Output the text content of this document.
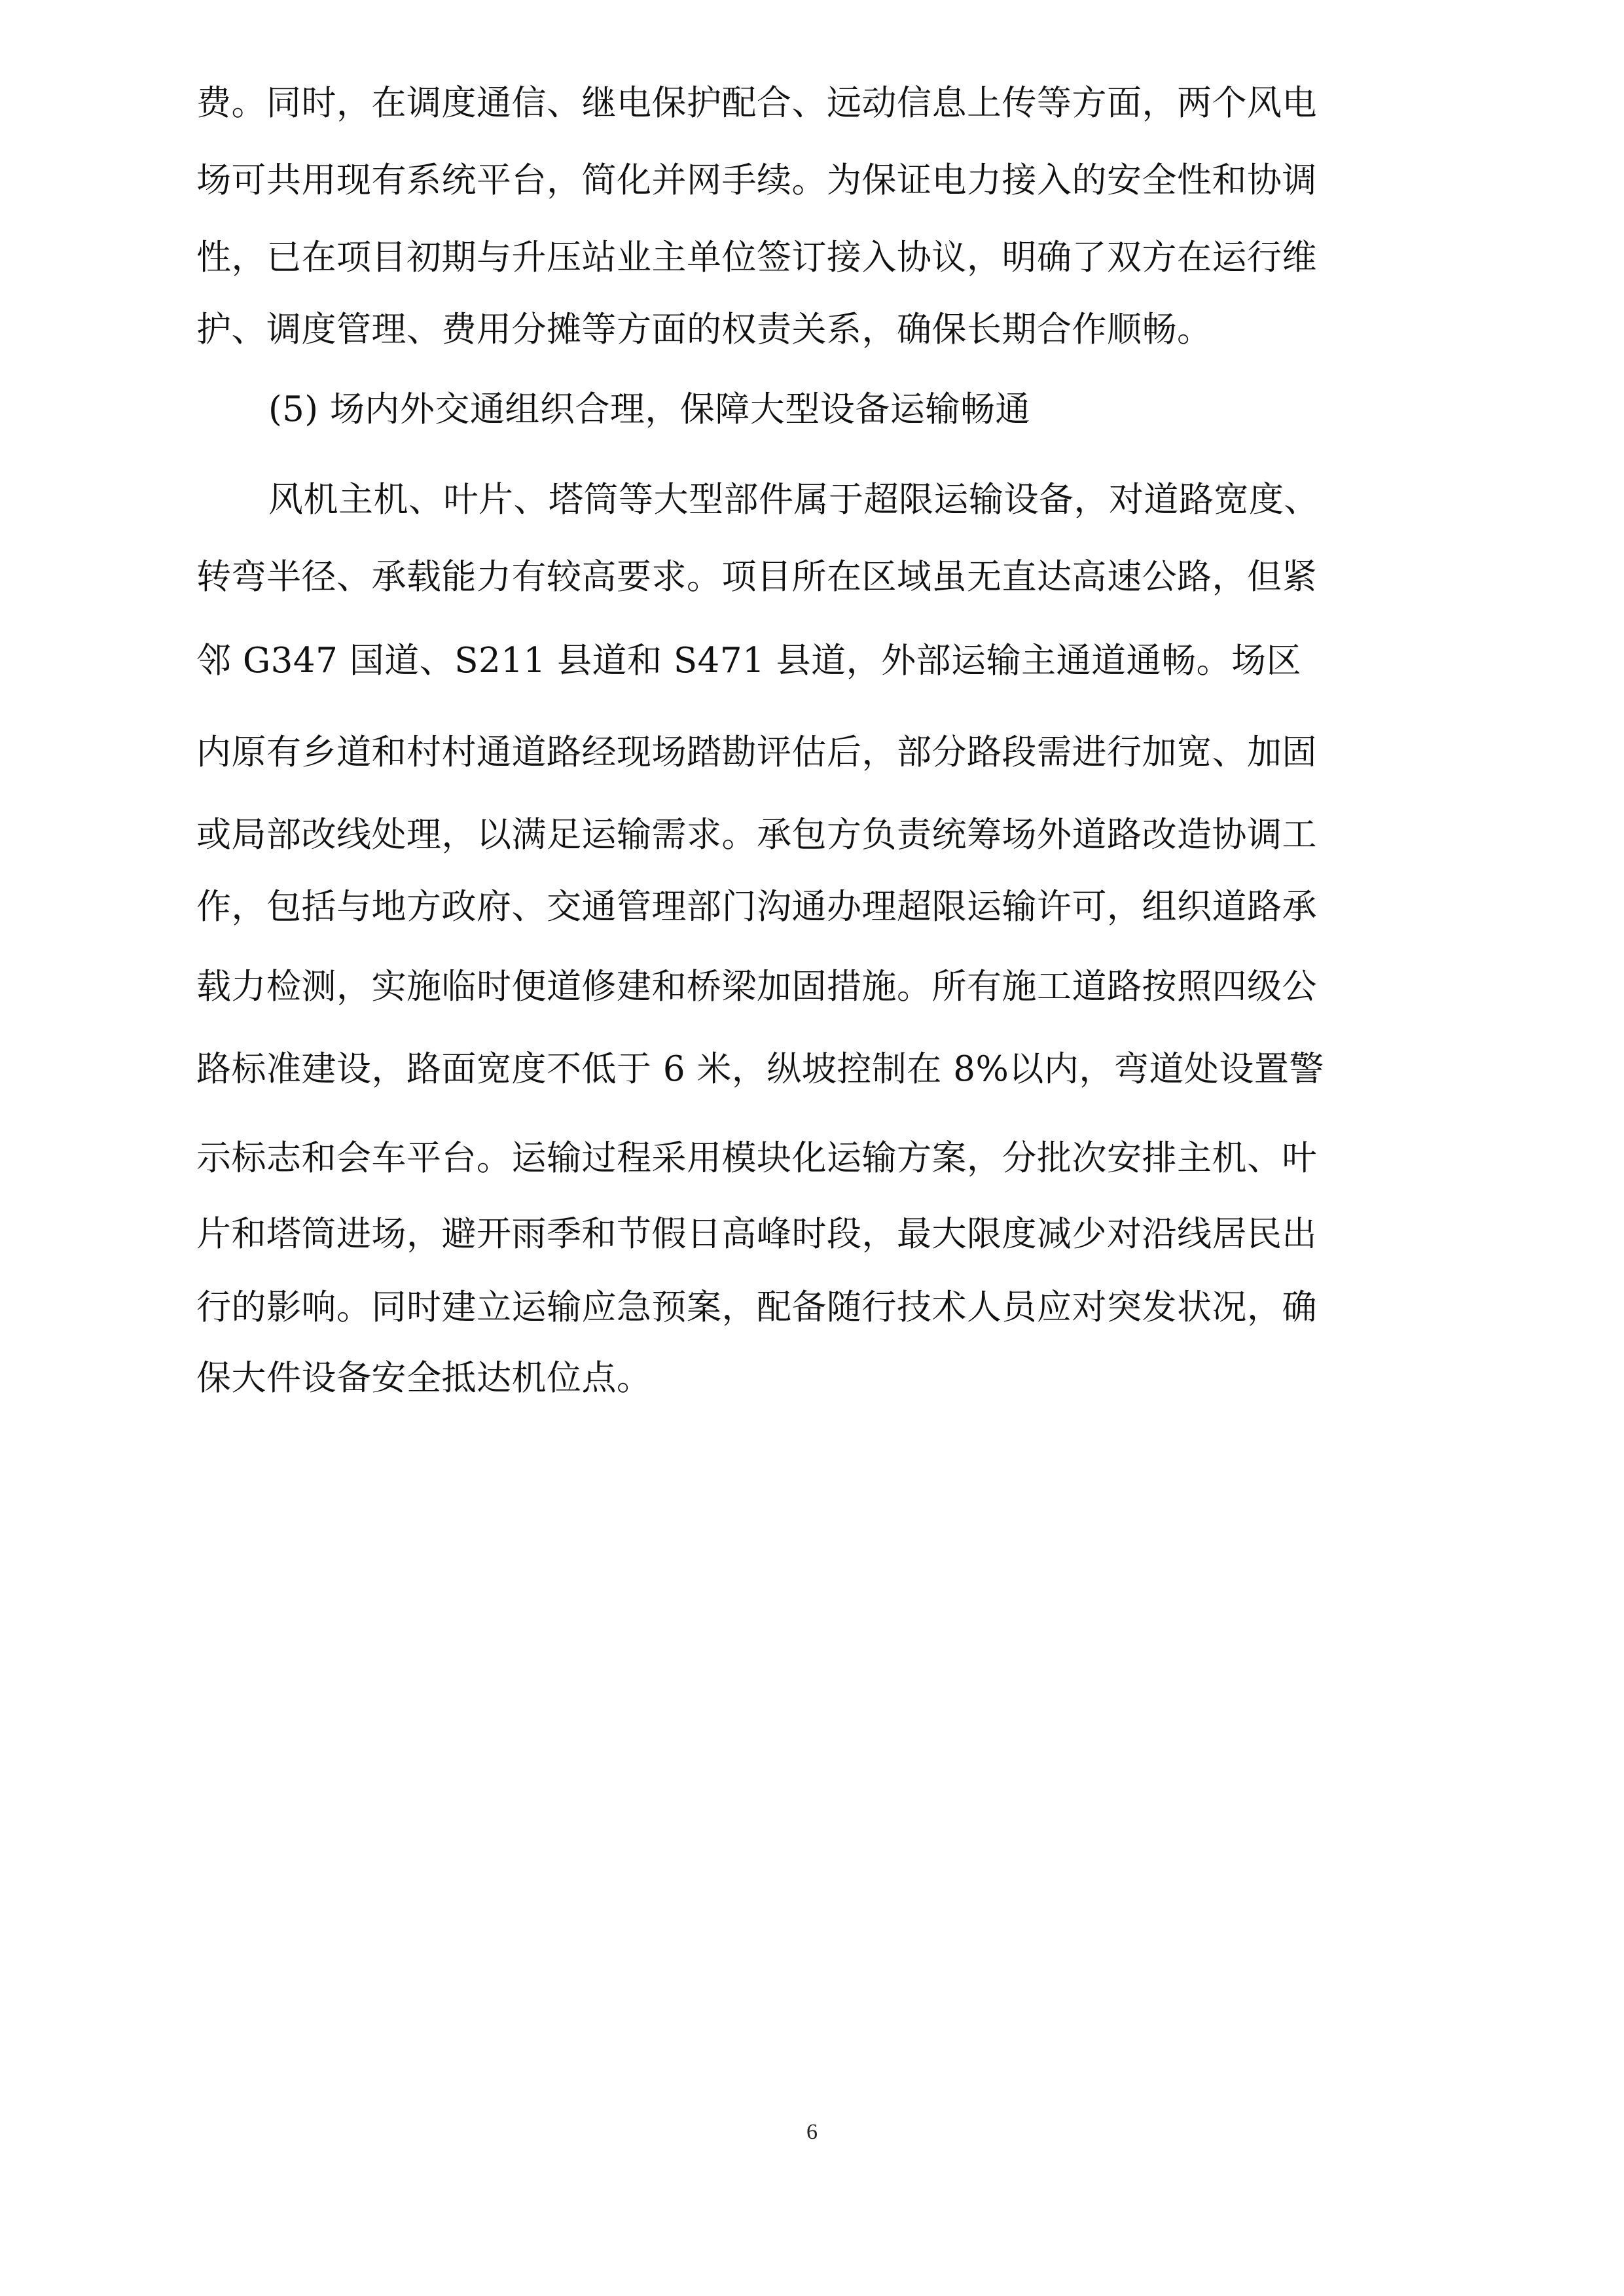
费。同时，在调度通信、继电保护配合、远动信息上传等方面，两个风电
场可共用现有系统平台，简化并网手续。为保证电力接入的安全性和协调
性，已在项目初期与升压站业主单位签订接入协议，明确了双方在运行维
护、调度管理、费用分摊等方面的权责关系，确保长期合作顺畅。
(5) 场内外交通组织合理，保障大型设备运输畅通
风机主机、叶片、塔筒等大型部件属于超限运输设备，对道路宽度、
转弯半径、承载能力有较高要求。项目所在区域虽无直达高速公路，但紧
邻 G347 国道、S211 县道和 S471 县道，外部运输主通道通畅。场区
内原有乡道和村村通道路经现场踏勘评估后，部分路段需进行加宽、加固
或局部改线处理，以满足运输需求。承包方负责统筹场外道路改造协调工
作，包括与地方政府、交通管理部门沟通办理超限运输许可，组织道路承
载力检测，实施临时便道修建和桥梁加固措施。所有施工道路按照四级公
路标准建设，路面宽度不低于 6 米，纵坡控制在 8%以内，弯道处设置警
示标志和会车平台。运输过程采用模块化运输方案，分批次安排主机、叶
片和塔筒进场，避开雨季和节假日高峰时段，最大限度减少对沿线居民出
行的影响。同时建立运输应急预案，配备随行技术人员应对突发状况，确
保大件设备安全抵达机位点。
6
